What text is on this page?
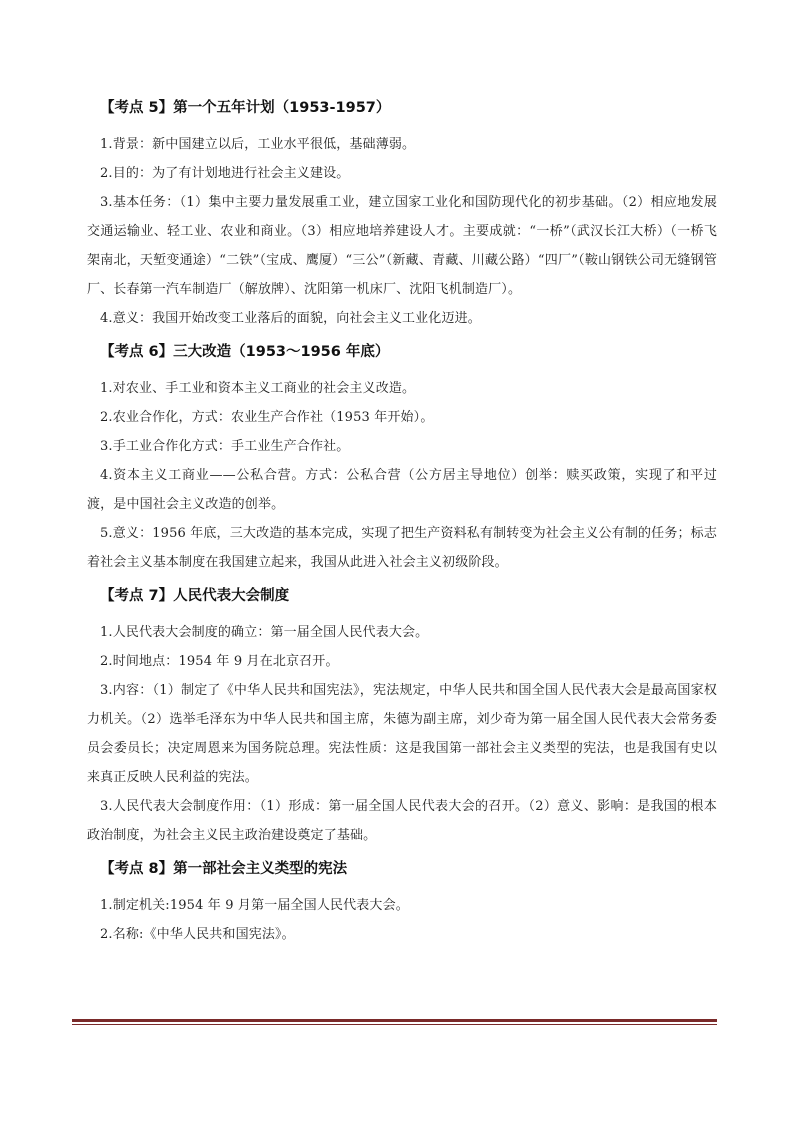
【考点 5】第一个五年计划（1953-1957）

1.背景：新中国建立以后，工业水平很低，基础薄弱。

2.目的：为了有计划地进行社会主义建设。

3.基本任务：（1）集中主要力量发展重工业，建立国家工业化和国防现代化的初步基础。（2）相应地发展交通运输业、轻工业、农业和商业。（3）相应地培养建设人才。主要成就：“一桥”（武汉长江大桥）（一桥飞架南北，天堑变通途）“二铁”（宝成、鹰厦）“三公”（新藏、青藏、川藏公路）“四厂”（鞍山钢铁公司无缝钢管厂、长春第一汽车制造厂（解放牌）、沈阳第一机床厂、沈阳飞机制造厂）。

4.意义：我国开始改变工业落后的面貌，向社会主义工业化迈进。

【考点 6】三大改造（1953～1956 年底）

1.对农业、手工业和资本主义工商业的社会主义改造。

2.农业合作化，方式：农业生产合作社（1953 年开始）。

3.手工业合作化方式：手工业生产合作社。

4.资本主义工商业——公私合营。方式：公私合营（公方居主导地位）创举：赎买政策，实现了和平过渡，是中国社会主义改造的创举。

5.意义：1956 年底，三大改造的基本完成，实现了把生产资料私有制转变为社会主义公有制的任务；标志着社会主义基本制度在我国建立起来，我国从此进入社会主义初级阶段。

【考点 7】人民代表大会制度

1.人民代表大会制度的确立：第一届全国人民代表大会。

2.时间地点：1954 年 9 月在北京召开。

3.内容：（1）制定了《中华人民共和国宪法》，宪法规定，中华人民共和国全国人民代表大会是最高国家权力机关。（2）选举毛泽东为中华人民共和国主席，朱德为副主席，刘少奇为第一届全国人民代表大会常务委员会委员长；决定周恩来为国务院总理。宪法性质：这是我国第一部社会主义类型的宪法，也是我国有史以来真正反映人民利益的宪法。

3.人民代表大会制度作用：（1）形成：第一届全国人民代表大会的召开。（2）意义、影响：是我国的根本政治制度，为社会主义民主政治建设奠定了基础。

【考点 8】第一部社会主义类型的宪法

1.制定机关:1954 年 9 月第一届全国人民代表大会。

2.名称:《中华人民共和国宪法》。
